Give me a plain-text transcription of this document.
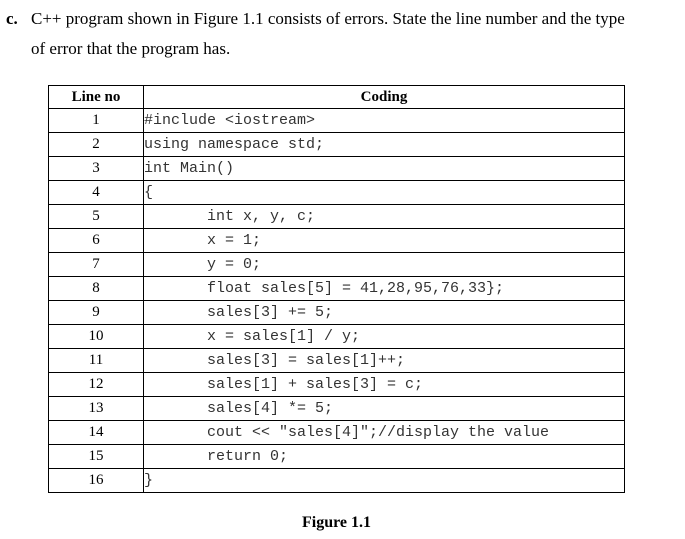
c. C++ program shown in Figure 1.1 consists of errors. State the line number and the type
of error that the program has.
Line no	Coding
1	#include <iostream>
2	using namespace std;
3	int Main()
4	{
5	int x, y, c;
6	x = 1;
7	y = 0;
8	float sales[5] = 41,28,95,76,33};
9	sales[3] += 5;
10	x = sales[1] / y;
11	sales[3] = sales[1]++;
12	sales[1] + sales[3] = c;
13	sales[4] *= 5;
14	cout << "sales[4]";//display the value
15	return 0;
16	}
Figure 1.1
